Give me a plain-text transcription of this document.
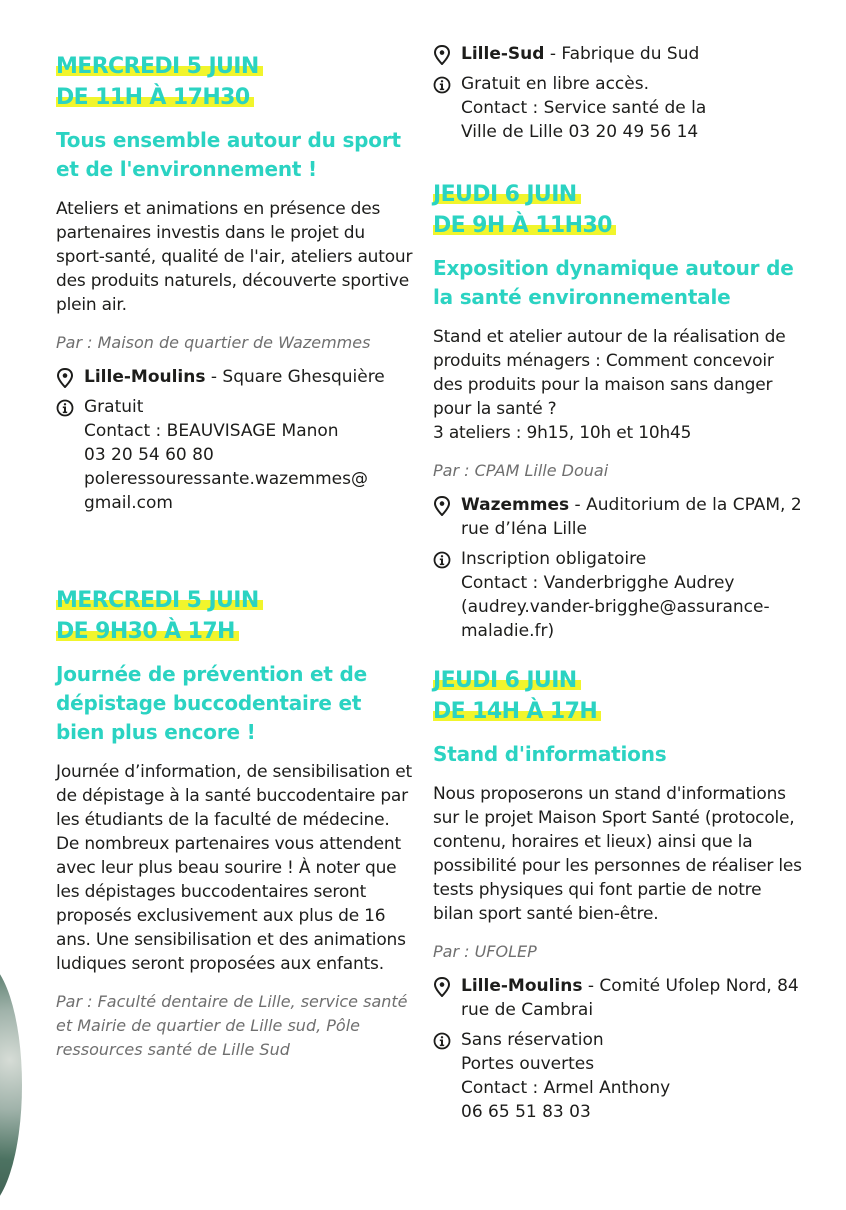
MERCREDI 5 JUIN
DE 11H À 17H30

Tous ensemble autour du sport et de l'environnement !

Ateliers et animations en présence des partenaires investis dans le projet du sport-santé, qualité de l'air, ateliers autour des produits naturels, découverte sportive plein air.

Par : Maison de quartier de Wazemmes

Lille-Moulins - Square Ghesquière
Gratuit
Contact : BEAUVISAGE Manon
03 20 54 60 80
poleressouressante.wazemmes@
gmail.com

MERCREDI 5 JUIN
DE 9H30 À 17H

Journée de prévention et de dépistage buccodentaire et bien plus encore !

Journée d’information, de sensibilisation et de dépistage à la santé buccodentaire par les étudiants de la faculté de médecine. De nombreux partenaires vous attendent avec leur plus beau sourire ! À noter que les dépistages buccodentaires seront proposés exclusivement aux plus de 16 ans. Une sensibilisation et des animations ludiques seront proposées aux enfants.

Par : Faculté dentaire de Lille, service santé et Mairie de quartier de Lille sud, Pôle ressources santé de Lille Sud

Lille-Sud - Fabrique du Sud
Gratuit en libre accès.
Contact : Service santé de la
Ville de Lille 03 20 49 56 14

JEUDI 6 JUIN
DE 9H À 11H30

Exposition dynamique autour de la santé environnementale

Stand et atelier autour de la réalisation de produits ménagers : Comment concevoir des produits pour la maison sans danger pour la santé ?
3 ateliers : 9h15, 10h et 10h45

Par : CPAM Lille Douai

Wazemmes - Auditorium de la CPAM, 2 rue d’Iéna Lille
Inscription obligatoire
Contact : Vanderbrigghe Audrey
(audrey.vander-brigghe@assurance-
maladie.fr)

JEUDI 6 JUIN
DE 14H À 17H

Stand d'informations

Nous proposerons un stand d'informations sur le projet Maison Sport Santé (protocole, contenu, horaires et lieux) ainsi que la possibilité pour les personnes de réaliser les tests physiques qui font partie de notre bilan sport santé bien-être.

Par : UFOLEP

Lille-Moulins - Comité Ufolep Nord, 84 rue de Cambrai
Sans réservation
Portes ouvertes
Contact : Armel Anthony
06 65 51 83 03
